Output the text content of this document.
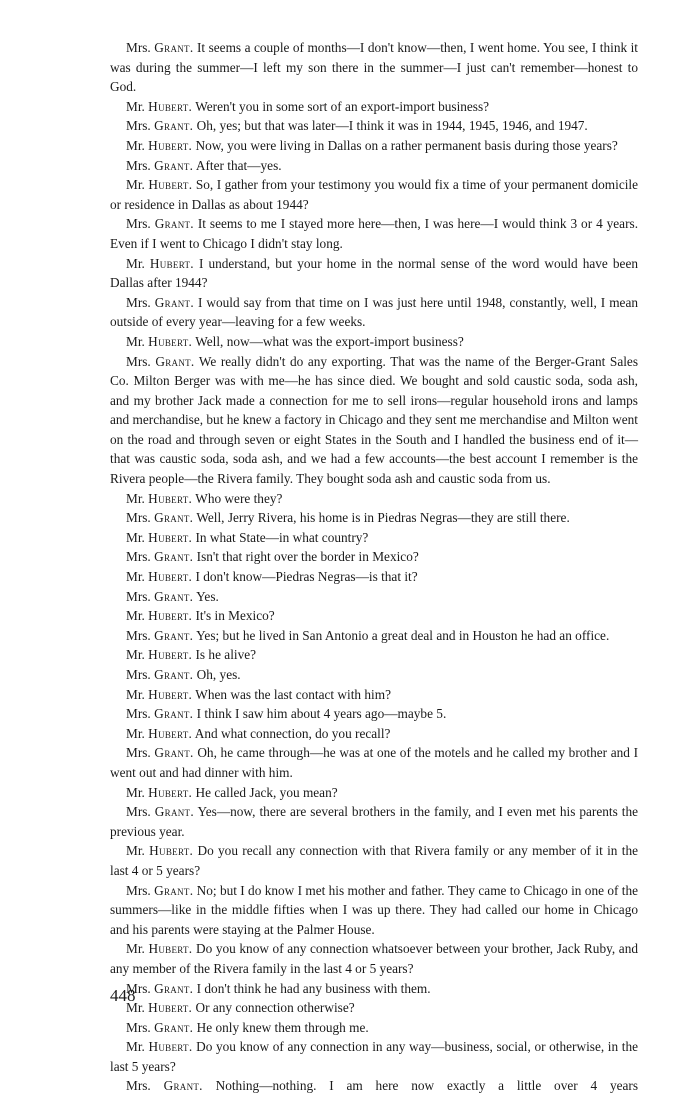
Mrs. Grant. It seems a couple of months—I don't know—then, I went home. You see, I think it was during the summer—I left my son there in the summer—I just can't remember—honest to God.

Mr. Hubert. Weren't you in some sort of an export-import business?

Mrs. Grant. Oh, yes; but that was later—I think it was in 1944, 1945, 1946, and 1947.

Mr. Hubert. Now, you were living in Dallas on a rather permanent basis during those years?

Mrs. Grant. After that—yes.

Mr. Hubert. So, I gather from your testimony you would fix a time of your permanent domicile or residence in Dallas as about 1944?

Mrs. Grant. It seems to me I stayed more here—then, I was here—I would think 3 or 4 years. Even if I went to Chicago I didn't stay long.

Mr. Hubert. I understand, but your home in the normal sense of the word would have been Dallas after 1944?

Mrs. Grant. I would say from that time on I was just here until 1948, constantly, well, I mean outside of every year—leaving for a few weeks.

Mr. Hubert. Well, now—what was the export-import business?

Mrs. Grant. We really didn't do any exporting. That was the name of the Berger-Grant Sales Co. Milton Berger was with me—he has since died. We bought and sold caustic soda, soda ash, and my brother Jack made a connection for me to sell irons—regular household irons and lamps and merchandise, but he knew a factory in Chicago and they sent me merchandise and Milton went on the road and through seven or eight States in the South and I handled the business end of it—that was caustic soda, soda ash, and we had a few accounts—the best account I remember is the Rivera people—the Rivera family. They bought soda ash and caustic soda from us.

Mr. Hubert. Who were they?

Mrs. Grant. Well, Jerry Rivera, his home is in Piedras Negras—they are still there.

Mr. Hubert. In what State—in what country?

Mrs. Grant. Isn't that right over the border in Mexico?

Mr. Hubert. I don't know—Piedras Negras—is that it?

Mrs. Grant. Yes.

Mr. Hubert. It's in Mexico?

Mrs. Grant. Yes; but he lived in San Antonio a great deal and in Houston he had an office.

Mr. Hubert. Is he alive?

Mrs. Grant. Oh, yes.

Mr. Hubert. When was the last contact with him?

Mrs. Grant. I think I saw him about 4 years ago—maybe 5.

Mr. Hubert. And what connection, do you recall?

Mrs. Grant. Oh, he came through—he was at one of the motels and he called my brother and I went out and had dinner with him.

Mr. Hubert. He called Jack, you mean?

Mrs. Grant. Yes—now, there are several brothers in the family, and I even met his parents the previous year.

Mr. Hubert. Do you recall any connection with that Rivera family or any member of it in the last 4 or 5 years?

Mrs. Grant. No; but I do know I met his mother and father. They came to Chicago in one of the summers—like in the middle fifties when I was up there. They had called our home in Chicago and his parents were staying at the Palmer House.

Mr. Hubert. Do you know of any connection whatsoever between your brother, Jack Ruby, and any member of the Rivera family in the last 4 or 5 years?

Mrs. Grant. I don't think he had any business with them.

Mr. Hubert. Or any connection otherwise?

Mrs. Grant. He only knew them through me.

Mr. Hubert. Do you know of any connection in any way—business, social, or otherwise, in the last 5 years?

Mrs. Grant. Nothing—nothing. I am here now exactly a little over 4 years

448
